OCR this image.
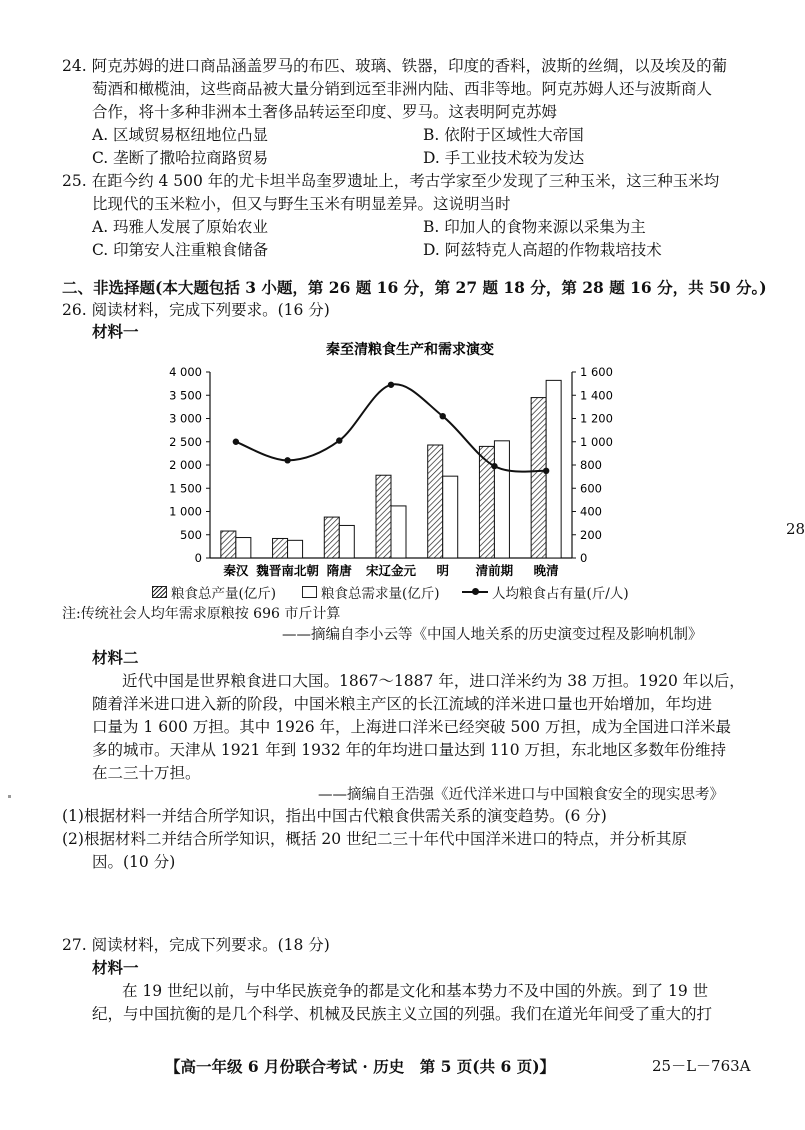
24. 阿克苏姆的进口商品涵盖罗马的布匹、玻璃、铁器，印度的香料，波斯的丝绸，以及埃及的葡
萄酒和橄榄油，这些商品被大量分销到远至非洲内陆、西非等地。阿克苏姆人还与波斯商人
合作，将十多种非洲本土奢侈品转运至印度、罗马。这表明阿克苏姆
A. 区域贸易枢纽地位凸显	B. 依附于区域性大帝国
C. 垄断了撒哈拉商路贸易	D. 手工业技术较为发达
25. 在距今约 4 500 年的尤卡坦半岛奎罗遗址上，考古学家至少发现了三种玉米，这三种玉米均
比现代的玉米粒小，但又与野生玉米有明显差异。这说明当时
A. 玛雅人发展了原始农业	B. 印加人的食物来源以采集为主
C. 印第安人注重粮食储备	D. 阿兹特克人高超的作物栽培技术
二、非选择题(本大题包括 3 小题，第 26 题 16 分，第 27 题 18 分，第 28 题 16 分，共 50 分。)
26. 阅读材料，完成下列要求。(16 分)
材料一
秦至清粮食生产和需求演变
0
500
1 000
1 500
2 000
2 500
3 000
3 500
4 000
0
200
400
600
800
1 000
1 200
1 400
1 600
秦汉 魏晋南北朝 隋唐 宋辽金元 明 清前期 晚清
粮食总产量(亿斤)	粮食总需求量(亿斤)	人均粮食占有量(斤/人)
注:传统社会人均年需求原粮按 696 市斤计算
——摘编自李小云等《中国人地关系的历史演变过程及影响机制》
材料二
近代中国是世界粮食进口大国。1867～1887 年，进口洋米约为 38 万担。1920 年以后，
随着洋米进口进入新的阶段，中国米粮主产区的长江流域的洋米进口量也开始增加，年均进
口量为 1 600 万担。其中 1926 年，上海进口洋米已经突破 500 万担，成为全国进口洋米最
多的城市。天津从 1921 年到 1932 年的年均进口量达到 110 万担，东北地区多数年份维持
在二三十万担。
——摘编自王浩强《近代洋米进口与中国粮食安全的现实思考》
(1)根据材料一并结合所学知识，指出中国古代粮食供需关系的演变趋势。(6 分)
(2)根据材料二并结合所学知识，概括 20 世纪二三十年代中国洋米进口的特点，并分析其原
因。(10 分)
27. 阅读材料，完成下列要求。(18 分)
材料一
在 19 世纪以前，与中华民族竞争的都是文化和基本势力不及中国的外族。到了 19 世
纪，与中国抗衡的是几个科学、机械及民族主义立国的列强。我们在道光年间受了重大的打
【高一年级 6 月份联合考试 · 历史　第 5 页(共 6 页)】	25－L－763A
28
